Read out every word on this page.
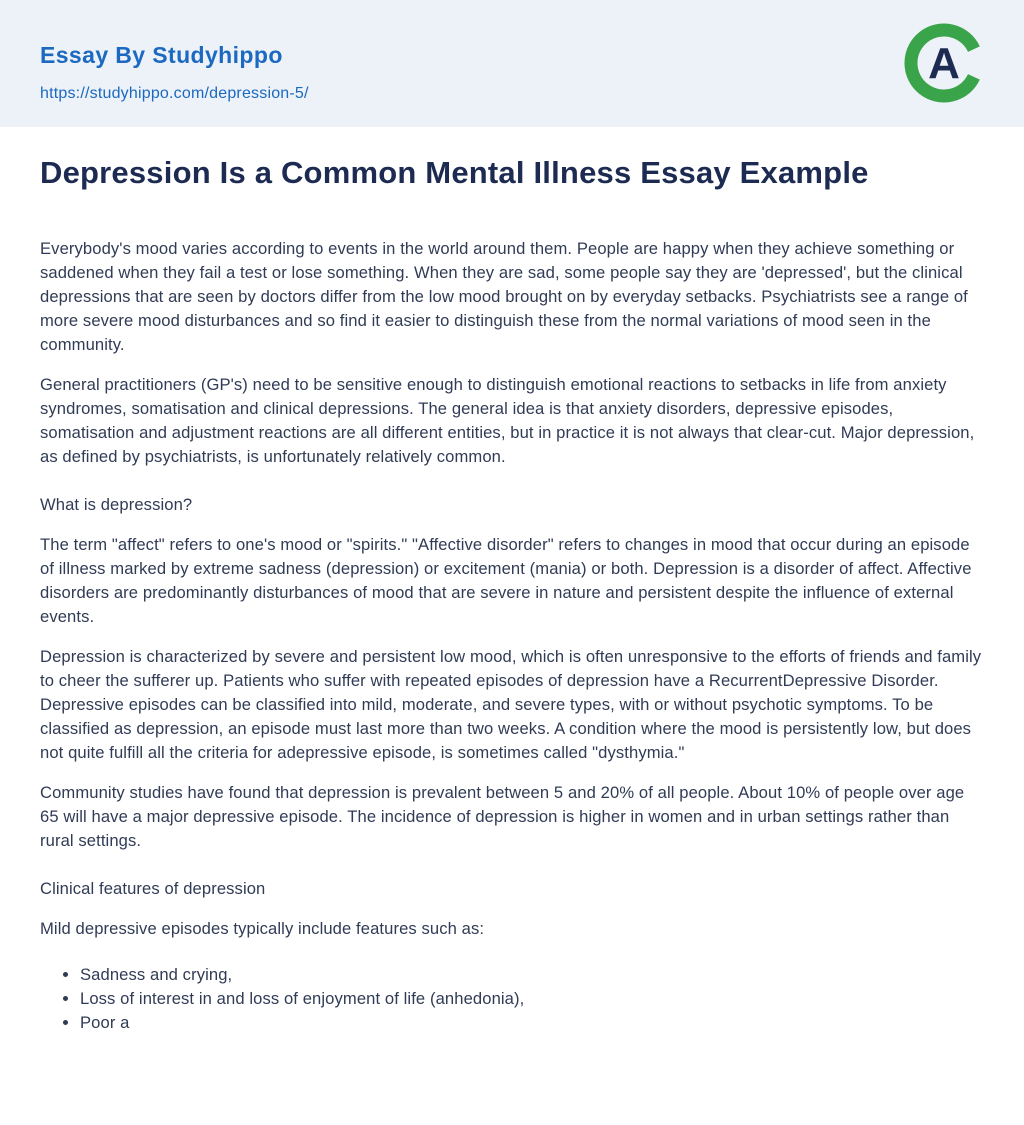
Essay By Studyhippo
https://studyhippo.com/depression-5/
A
Depression Is a Common Mental Illness Essay Example

Everybody's mood varies according to events in the world around them. People are happy when they achieve something or saddened when they fail a test or lose something. When they are sad, some people say they are 'depressed', but the clinical depressions that are seen by doctors differ from the low mood brought on by everyday setbacks. Psychiatrists see a range of more severe mood disturbances and so find it easier to distinguish these from the normal variations of mood seen in the community.

General practitioners (GP's) need to be sensitive enough to distinguish emotional reactions to setbacks in life from anxiety syndromes, somatisation and clinical depressions. The general idea is that anxiety disorders, depressive episodes, somatisation and adjustment reactions are all different entities, but in practice it is not always that clear-cut. Major depression, as defined by psychiatrists, is unfortunately relatively common.

What is depression?

The term "affect" refers to one's mood or "spirits." "Affective disorder" refers to changes in mood that occur during an episode of illness marked by extreme sadness (depression) or excitement (mania) or both. Depression is a disorder of affect. Affective disorders are predominantly disturbances of mood that are severe in nature and persistent despite the influence of external events.

Depression is characterized by severe and persistent low mood, which is often unresponsive to the efforts of friends and family to cheer the sufferer up. Patients who suffer with repeated episodes of depression have a RecurrentDepressive Disorder. Depressive episodes can be classified into mild, moderate, and severe types, with or without psychotic symptoms. To be classified as depression, an episode must last more than two weeks. A condition where the mood is persistently low, but does not quite fulfill all the criteria for adepressive episode, is sometimes called "dysthymia."

Community studies have found that depression is prevalent between 5 and 20% of all people. About 10% of people over age 65 will have a major depressive episode. The incidence of depression is higher in women and in urban settings rather than rural settings.

Clinical features of depression

Mild depressive episodes typically include features such as:

• Sadness and crying,
• Loss of interest in and loss of enjoyment of life (anhedonia),
• Poor a
